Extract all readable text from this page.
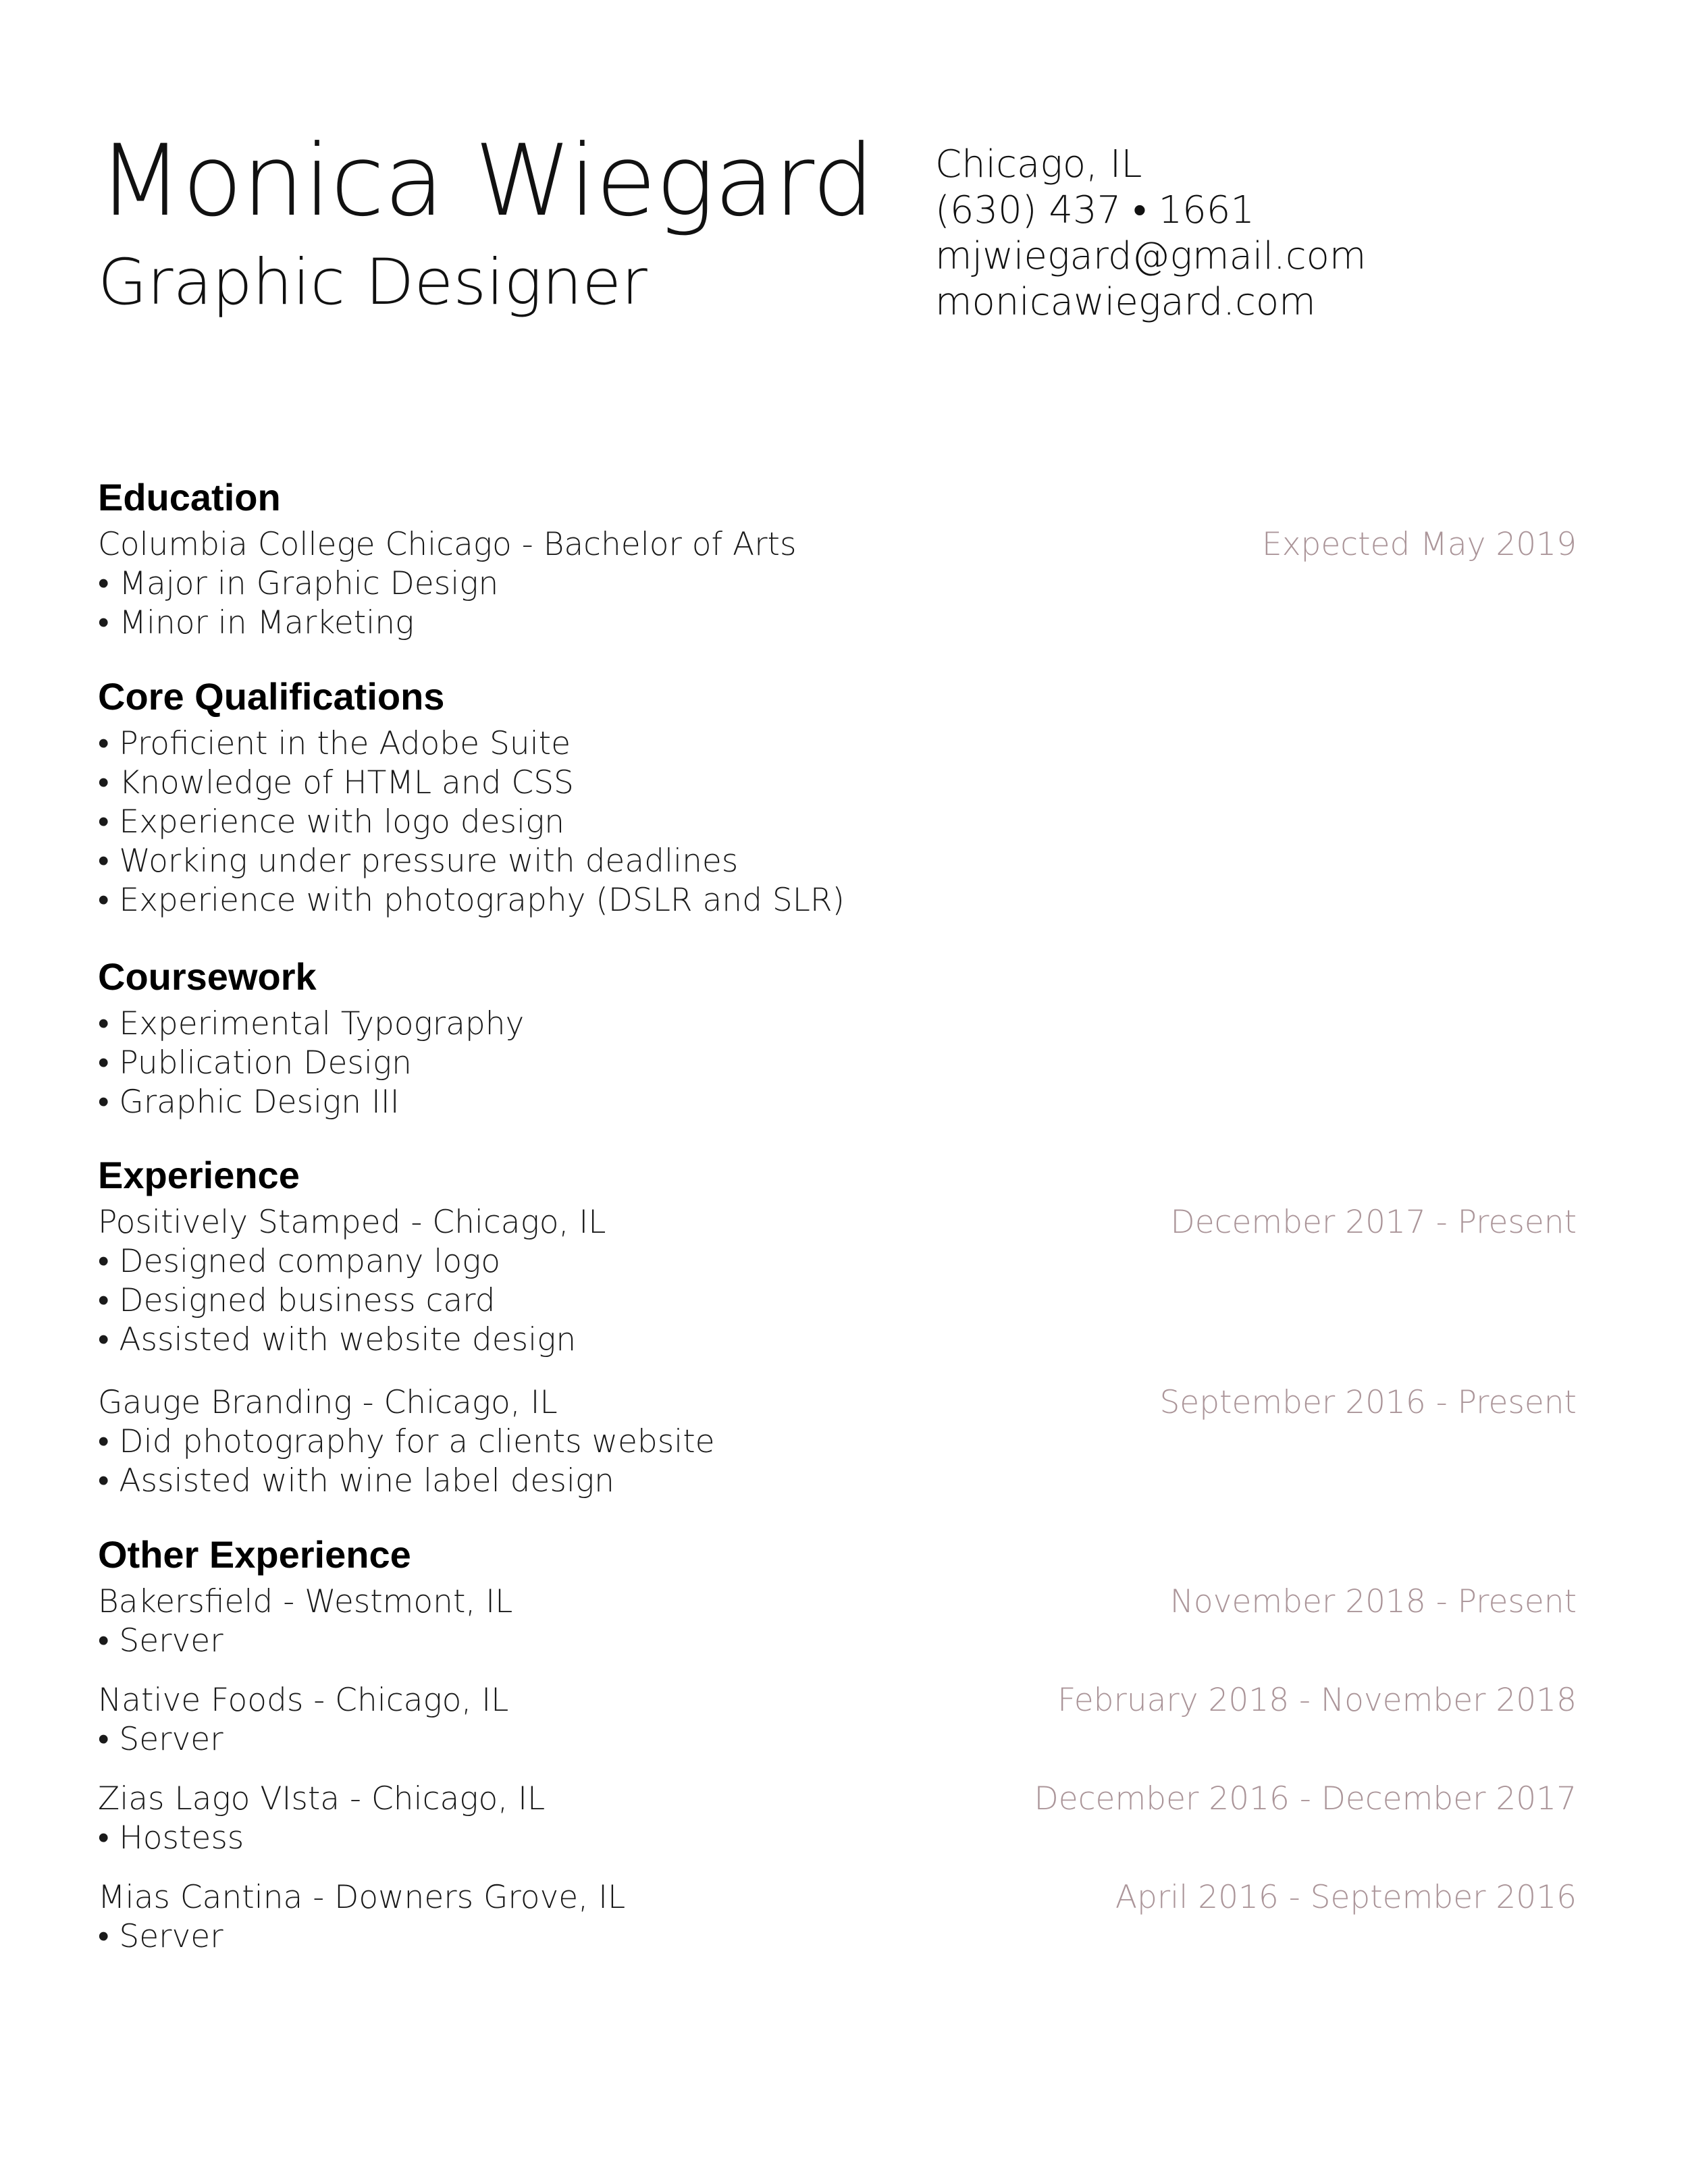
Monica Wiegard
Graphic Designer
Chicago, IL
(630) 437 • 1661
mjwiegard@gmail.com
monicawiegard.com
Education
Columbia College Chicago - Bachelor of Arts	Expected May 2019
• Major in Graphic Design
• Minor in Marketing
Core Qualifications
• Proficient in the Adobe Suite
• Knowledge of HTML and CSS
• Experience with logo design
• Working under pressure with deadlines
• Experience with photography (DSLR and SLR)
Coursework
• Experimental Typography
• Publication Design
• Graphic Design III
Experience
Positively Stamped - Chicago, IL	December 2017 - Present
• Designed company logo
• Designed business card
• Assisted with website design
Gauge Branding - Chicago, IL	September 2016 - Present
• Did photography for a clients website
• Assisted with wine label design
Other Experience
Bakersfield - Westmont, IL	November 2018 - Present
• Server
Native Foods - Chicago, IL	February 2018 - November 2018
• Server
Zias Lago VIsta - Chicago, IL	December 2016 - December 2017
• Hostess
Mias Cantina - Downers Grove, IL	April 2016 - September 2016
• Server
